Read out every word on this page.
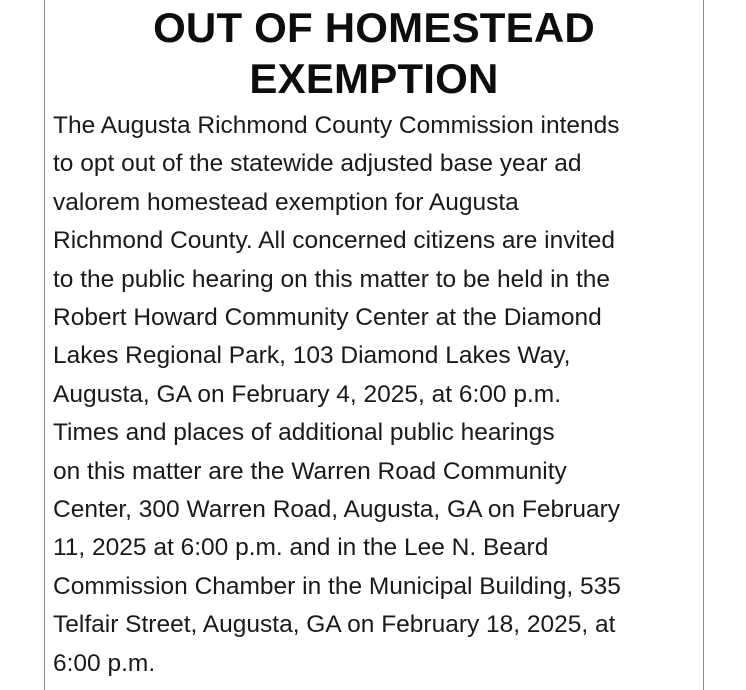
OUT OF HOMESTEAD
EXEMPTION
The Augusta Richmond County Commission intends
to opt out of the statewide adjusted base year ad
valorem homestead exemption for Augusta
Richmond County. All concerned citizens are invited
to the public hearing on this matter to be held in the
Robert Howard Community Center at the Diamond
Lakes Regional Park, 103 Diamond Lakes Way,
Augusta, GA on February 4, 2025, at 6:00 p.m.
Times and places of additional public hearings
on this matter are the Warren Road Community
Center, 300 Warren Road, Augusta, GA on February
11, 2025 at 6:00 p.m. and in the Lee N. Beard
Commission Chamber in the Municipal Building, 535
Telfair Street, Augusta, GA on February 18, 2025, at
6:00 p.m.
